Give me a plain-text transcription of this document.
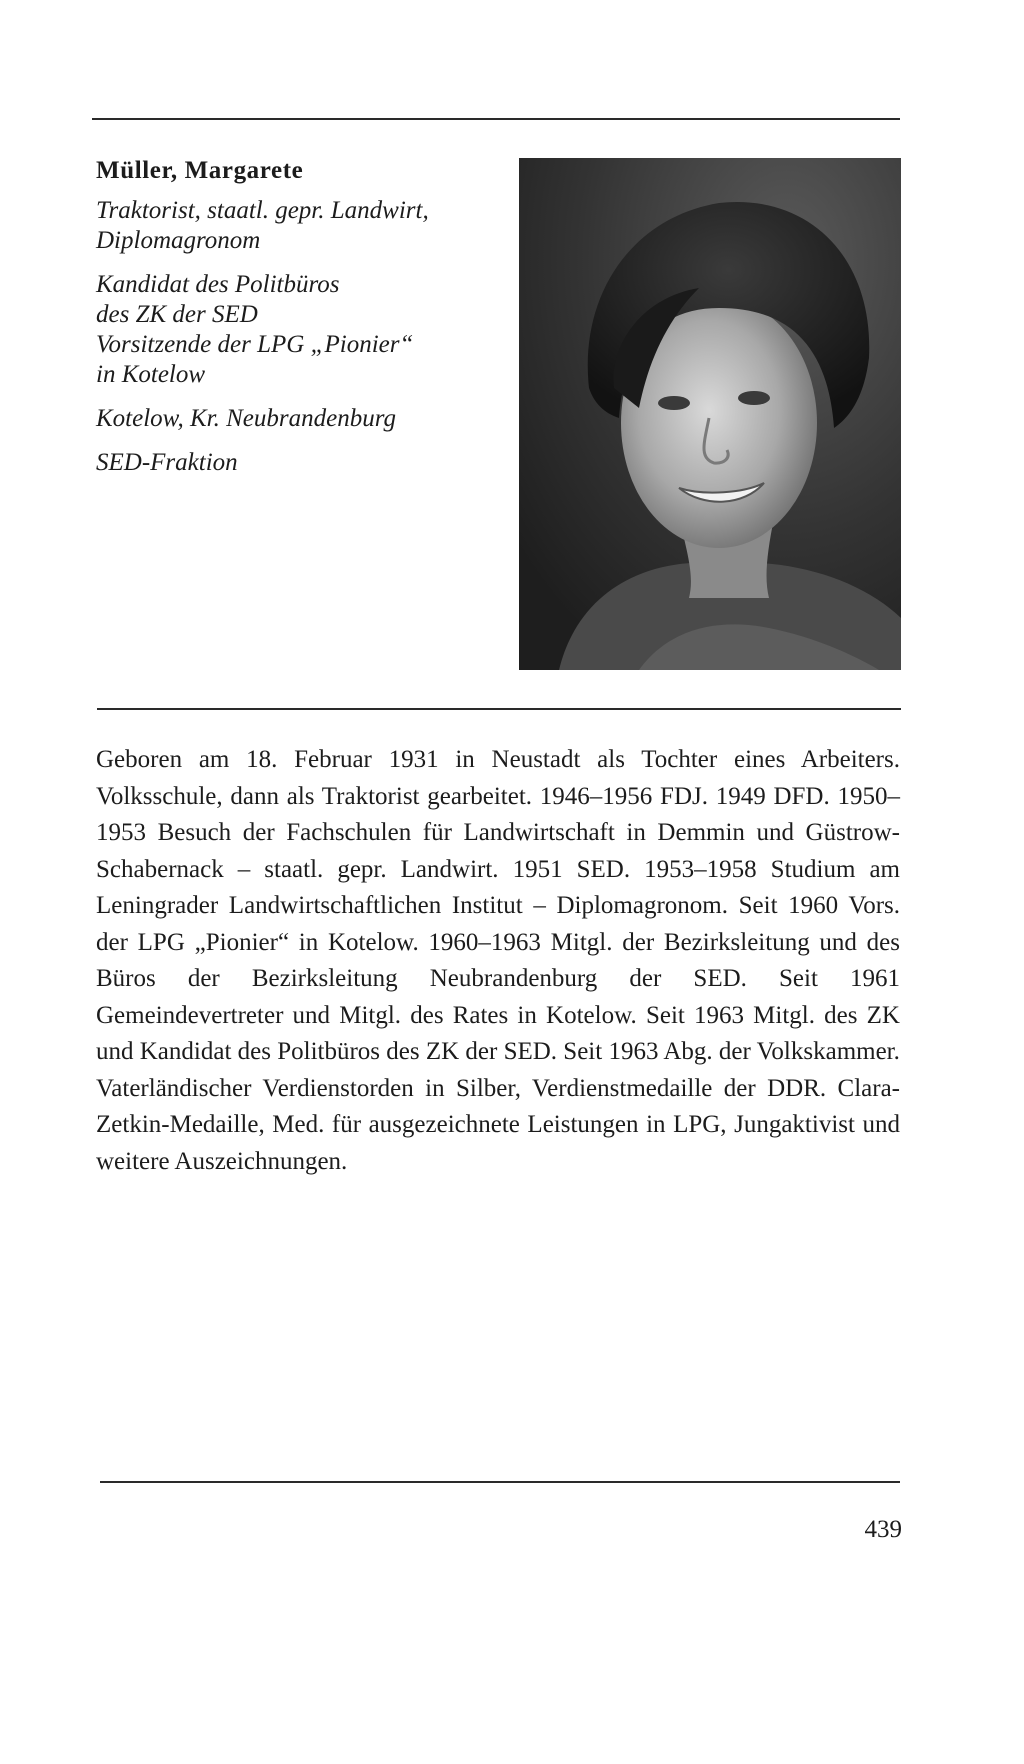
Müller, Margarete
Traktorist, staatl. gepr. Landwirt,
Diplomagronom
Kandidat des Politbüros
des ZK der SED
Vorsitzende der LPG „Pionier“
in Kotelow
Kotelow, Kr. Neubrandenburg
SED-Fraktion

Geboren am 18. Februar 1931 in Neustadt als Tochter eines Arbeiters. Volksschule, dann als Traktorist gearbeitet. 1946–1956 FDJ. 1949 DFD. 1950–1953 Besuch der Fachschulen für Landwirtschaft in Demmin und Güstrow-Schabernack – staatl. gepr. Landwirt. 1951 SED. 1953–1958 Studium am Leningrader Landwirtschaftlichen Institut – Diplomagronom. Seit 1960 Vors. der LPG „Pionier“ in Kotelow. 1960–1963 Mitgl. der Bezirksleitung und des Büros der Bezirksleitung Neubrandenburg der SED. Seit 1961 Gemeindevertreter und Mitgl. des Rates in Kotelow. Seit 1963 Mitgl. des ZK und Kandidat des Politbüros des ZK der SED. Seit 1963 Abg. der Volkskammer.

Vaterländischer Verdienstorden in Silber, Verdienstmedaille der DDR. Clara-Zetkin-Medaille, Med. für ausgezeichnete Leistungen in LPG, Jungaktivist und weitere Auszeichnungen.

439
